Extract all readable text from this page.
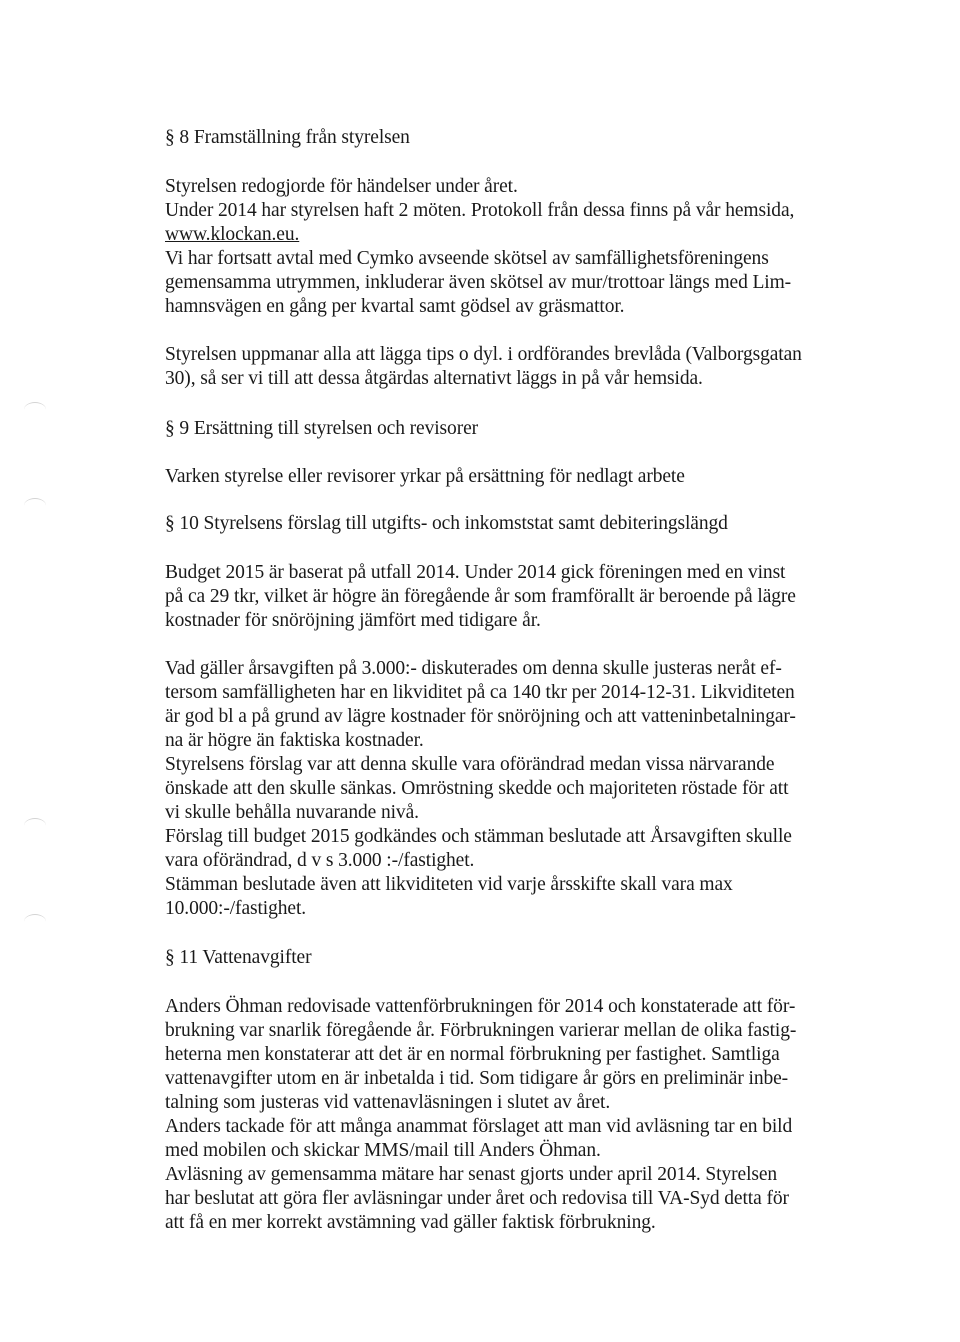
§ 8 Framställning från styrelsen

Styrelsen redogjorde för händelser under året.

Under 2014 har styrelsen haft 2 möten. Protokoll från dessa finns på vår hemsida,

www.klockan.eu.

Vi har fortsatt avtal med Cymko avseende skötsel av samfällighetsföreningens

gemensamma utrymmen, inkluderar även skötsel av mur/trottoar längs med Lim-

hamnsvägen en gång per kvartal samt gödsel av gräsmattor.

Styrelsen uppmanar alla att lägga tips o dyl. i ordförandes brevlåda (Valborgsgatan

30), så ser vi till att dessa åtgärdas alternativt läggs in på vår hemsida.

§ 9 Ersättning till styrelsen och revisorer

Varken styrelse eller revisorer yrkar på ersättning för nedlagt arbete

§ 10 Styrelsens förslag till utgifts- och inkomststat samt debiteringslängd

Budget 2015 är baserat på utfall 2014. Under 2014 gick föreningen med en vinst

på ca 29 tkr, vilket är högre än föregående år som framförallt är beroende på lägre

kostnader för snöröjning jämfört med tidigare år.

Vad gäller årsavgiften på 3.000:- diskuterades om denna skulle justeras neråt ef-

tersom samfälligheten har en likviditet på ca 140 tkr per 2014-12-31. Likviditeten

är god bl a på grund av lägre kostnader för snöröjning och att vatteninbetalningar-

na är högre än faktiska kostnader.

Styrelsens förslag var att denna skulle vara oförändrad medan vissa närvarande

önskade att den skulle sänkas. Omröstning skedde och majoriteten röstade för att

vi skulle behålla nuvarande nivå.

Förslag till budget 2015 godkändes och stämman beslutade att Årsavgiften skulle

vara oförändrad, d v s 3.000 :-/fastighet.

Stämman beslutade även att likviditeten vid varje årsskifte skall vara max

10.000:-/fastighet.

§ 11 Vattenavgifter

Anders Öhman redovisade vattenförbrukningen för 2014 och konstaterade att för-

brukning var snarlik föregående år. Förbrukningen varierar mellan de olika fastig-

heterna men konstaterar att det är en normal förbrukning per fastighet. Samtliga

vattenavgifter utom en är inbetalda i tid. Som tidigare år görs en preliminär inbe-

talning som justeras vid vattenavläsningen i slutet av året.

Anders tackade för att många anammat förslaget att man vid avläsning tar en bild

med mobilen och skickar MMS/mail till Anders Öhman.

Avläsning av gemensamma mätare har senast gjorts under april 2014. Styrelsen

har beslutat att göra fler avläsningar under året och redovisa till VA-Syd detta för

att få en mer korrekt avstämning vad gäller faktisk förbrukning.
